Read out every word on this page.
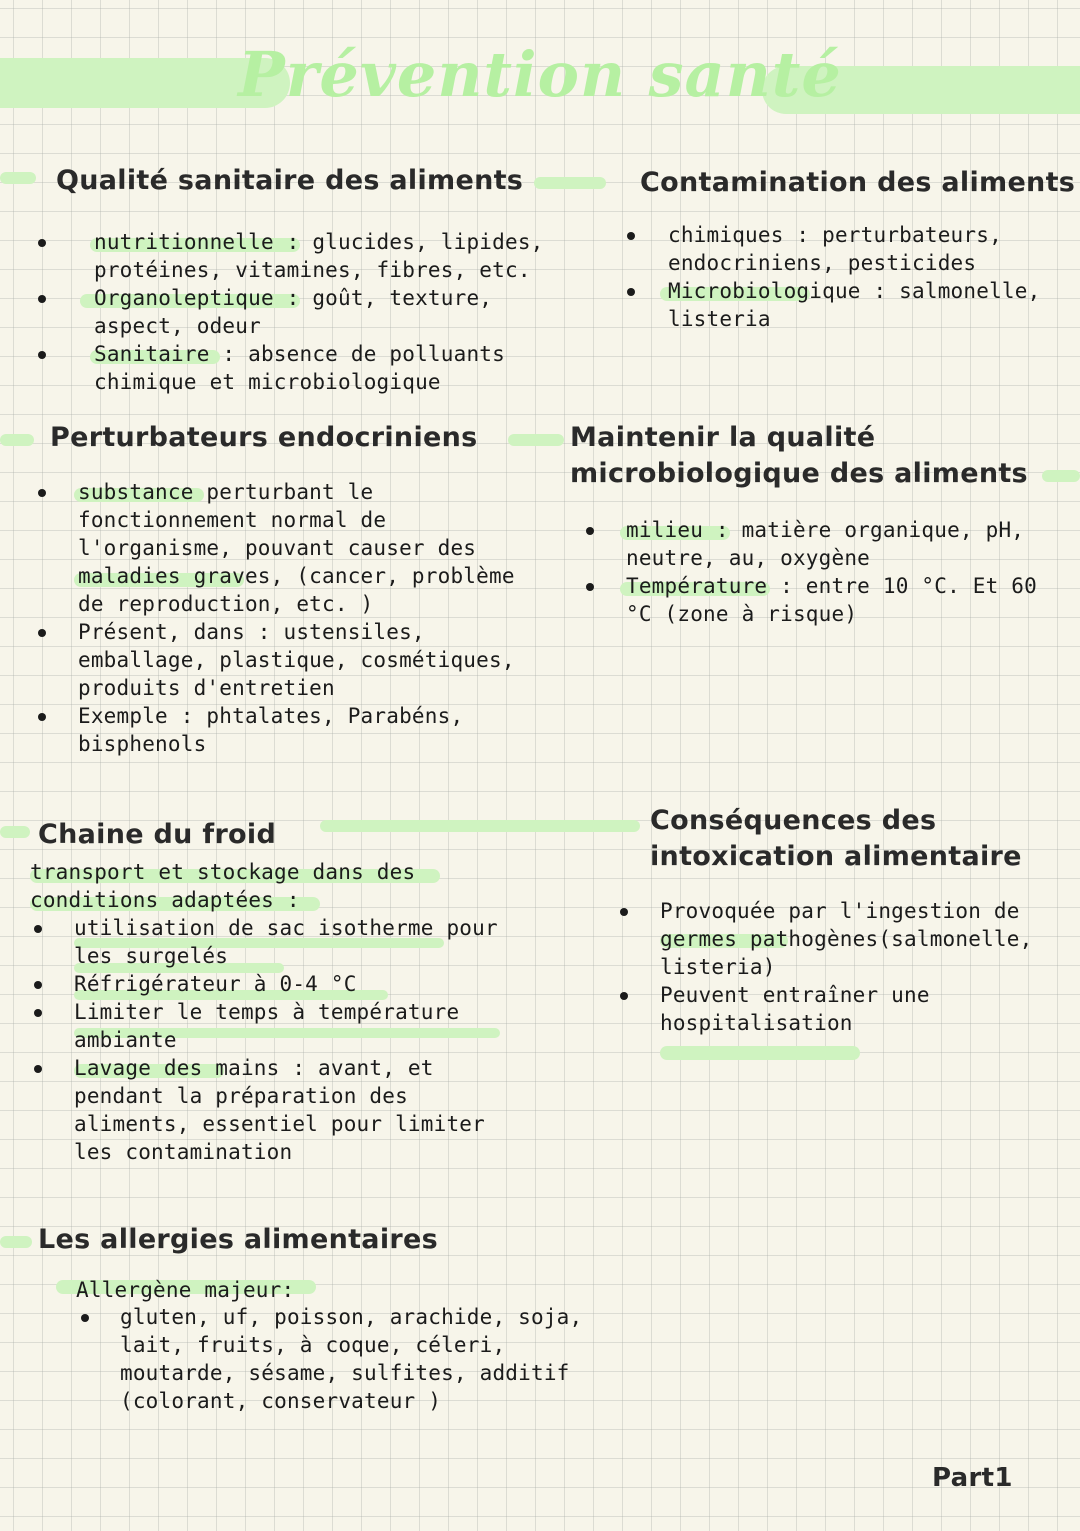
Prévention santé
Qualité sanitaire des aliments
nutritionnelle : glucides, lipides, protéines, vitamines, fibres, etc.
Organoleptique : goût, texture, aspect, odeur
Sanitaire : absence de polluants chimique et microbiologique
Contamination des aliments
chimiques : perturbateurs, endocriniens, pesticides
Microbiologique : salmonelle, listeria
Perturbateurs endocriniens
substance perturbant le fonctionnement normal de l'organisme, pouvant causer des maladies graves, (cancer, problème de reproduction, etc. )
Présent, dans : ustensiles, emballage, plastique, cosmétiques, produits d'entretien
Exemple : phtalates, Parabéns, bisphenols
Maintenir la qualité
microbiologique des aliments
milieu : matière organique, pH, neutre, au, oxygène
Température : entre 10 °C. Et 60 °C (zone à risque)
Chaine du froid
transport et stockage dans des conditions adaptées :
utilisation de sac isotherme pour les surgelés
Réfrigérateur à 0-4 °C
Limiter le temps à température ambiante
Lavage des mains : avant, et pendant la préparation des aliments, essentiel pour limiter les contamination
Conséquences des
intoxication alimentaire
Provoquée par l'ingestion de germes pathogènes(salmonelle, listeria)
Peuvent entraîner une hospitalisation
Les allergies alimentaires
Allergène majeur:
gluten, uf, poisson, arachide, soja, lait, fruits, à coque, céleri, moutarde, sésame, sulfites, additif (colorant, conservateur )
Part1
